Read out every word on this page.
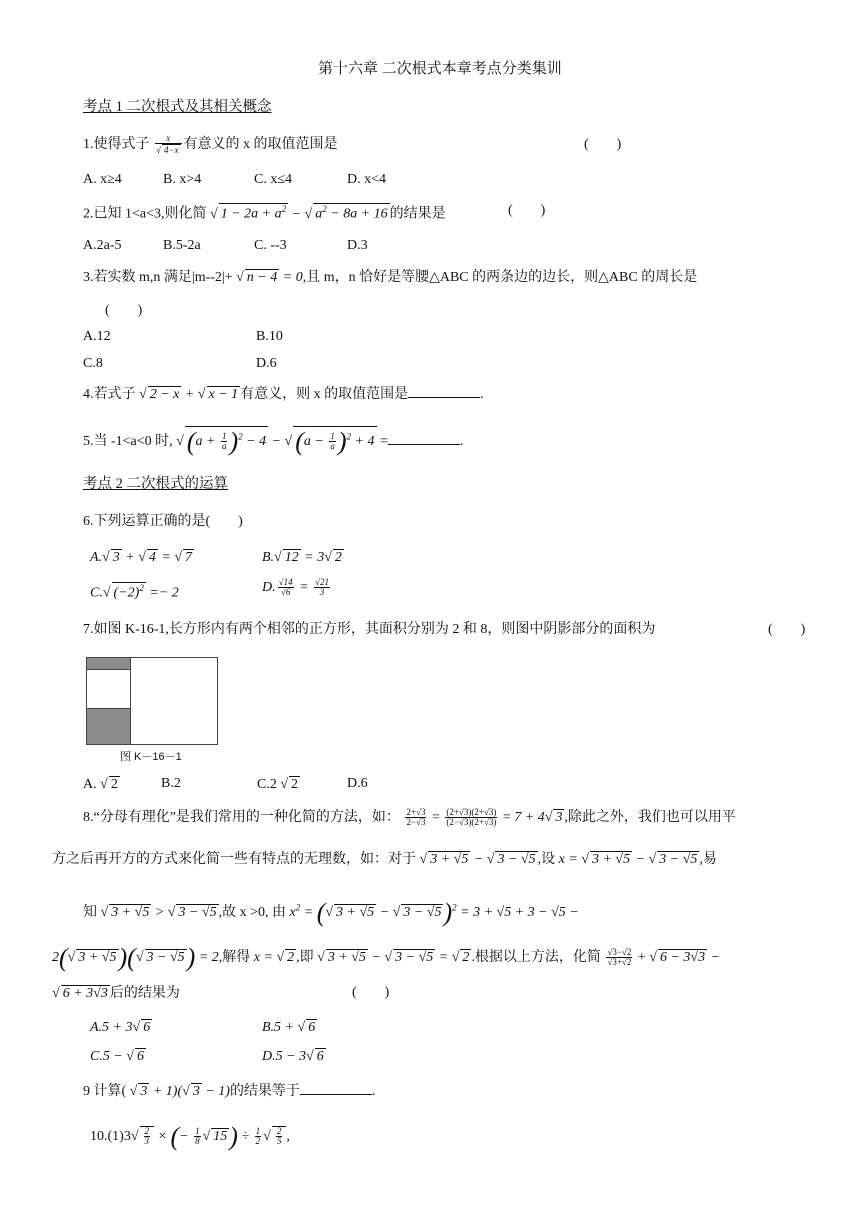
第十六章 二次根式本章考点分类集训
考点 1 二次根式及其相关概念
1.使得式子 $\frac{x}{√ 4-x}$ 有意义的 x 的取值范围是	(　　)
A. x≥4	B. x>4	C. x≤4	D. x<4
2.已知 1<a<3,则化简 √ $1 - 2a + a^2$ − √ $a^2 - 8a + 16$ 的结果是	(　　)
A.2a-5	B.5-2a	C. --3	D.3
3.若实数 m,n 满足|m--2|+ √ n − 4 = 0,且 m，n 恰好是等腰△ABC 的两条边的边长，则△ABC 的周长是
(　　)
A.12	B.10
C.8	D.6
4.若式子 √ 2 − x + √ x − 1 有意义，则 x 的取值范围是	.
5.当 -1<a<0 时, √ $(a + \frac{1}{a} )^2 - 4$ − √ $(a - \frac{1}{a} )^2 + 4$ =	.
考点 2 二次根式的运算
6.下列运算正确的是(　　)
A.√ 3 + √ 4 = √ 7	B.√ 12 = 3√ 2
C.√ $(-2)^2 =- 2$	D. $\frac{√14}{√6} = \frac{√21}{3}$
7.如图 K-16-1,长方形内有两个相邻的正方形，其面积分别为 2 和 8，则图中阴影部分的面积为	(　　)
图 K－16－1
A. √ 2	B.2	C.2 √ 2	D.6
8.“分母有理化”是我们常用的一种化简的方法，如： $\frac{2+√3}{2-√3} = \frac{(2+√3)(2+√3)}{(2-√3)(2+√3)} = 7 + 4√$ 3 ,除此之外，我们也可以用平
方之后再开方的方式来化简一些有特点的无理数，如：对于 √ 3 + √5 − √ 3 − √5 ,设 x = √ 3 + √5 − √ 3 − √5 ,易
知 √ 3 + √5 > √ 3 − √5 ,故 x >0, 由 $x^2$ = (√ 3 + √5 − √ 3 − √5)$^2$ = 3 + √5 + 3 − √5 −
2(√ 3 + √5)(√ 3 − √5) = 2,解得 x = √ 2 ,即 √ 3 + √5 − √ 3 − √5 = √ 2 .根据以上方法，化简 $\frac{√3-√2}{√3+√2}$ + √ 6 − 3√3 −
√ 6 + 3√3 后的结果为	(　　)
A.5 + 3√ 6	B.5 + √ 6
C.5 − √ 6	D.5 − 3√ 6
9 计算( √ 3 + 1)(√ 3 − 1)的结果等于	.
$10.(1)3√ \frac{2}{3}$ × (− $\frac{1}{8}$ √ $15) \div \frac{1}{2}$ √ $\frac{2}{5}$ ,
